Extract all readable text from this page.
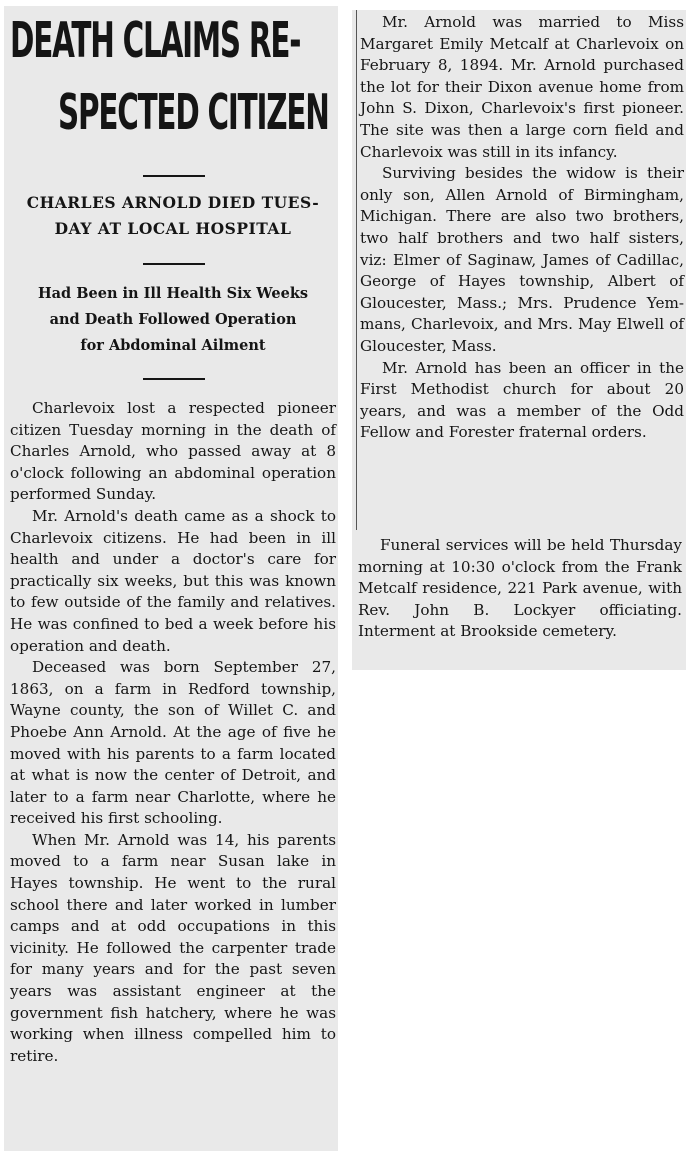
DEATH CLAIMS RE-
SPECTED CITIZEN
CHARLES ARNOLD DIED TUES-
DAY AT LOCAL HOSPITAL
Had Been in Ill Health Six Weeks
and Death Followed Operation
for Abdominal Ailment

Charlevoix lost a respected pioneer citizen Tuesday morning in the death of Charles Arnold, who passed away at 8 o'clock following an abdominal operation performed Sunday.

Mr. Arnold's death came as a shock to Charlevoix citizens. He had been in ill health and under a doctor's care for practically six weeks, but this was known to few outside of the family and relatives. He was confined to bed a week before his operation and death.

Deceased was born September 27, 1863, on a farm in Redford township, Wayne county, the son of Willet C. and Phoebe Ann Arnold. At the age of five he moved with his parents to a farm located at what is now the center of Detroit, and later to a farm near Charlotte, where he received his first schooling.

When Mr. Arnold was 14, his parents moved to a farm near Susan lake in Hayes township. He went to the rural school there and later worked in lumber camps and at odd occupations in this vicinity. He followed the carpenter trade for many years and for the past seven years was assistant engineer at the government fish hatchery, where he was working when illness compelled him to retire.

Mr. Arnold was married to Miss Margaret Emily Metcalf at Charlevoix on February 8, 1894. Mr. Arnold purchased the lot for their Dixon avenue home from John S. Dixon, Charlevoix's first pioneer. The site was then a large corn field and Charlevoix was still in its infancy.

Surviving besides the widow is their only son, Allen Arnold of Birmingham, Michigan. There are also two brothers, two half brothers and two half sisters, viz: Elmer of Saginaw, James of Cadillac, George of Hayes township, Albert of Gloucester, Mass.; Mrs. Prudence Yemmans, Charlevoix, and Mrs. May Elwell of Gloucester, Mass.

Mr. Arnold has been an officer in the First Methodist church for about 20 years, and was a member of the Odd Fellow and Forester fraternal orders.

Funeral services will be held Thursday morning at 10:30 o'clock from the Frank Metcalf residence, 221 Park avenue, with Rev. John B. Lockyer officiating. Interment at Brookside cemetery.
